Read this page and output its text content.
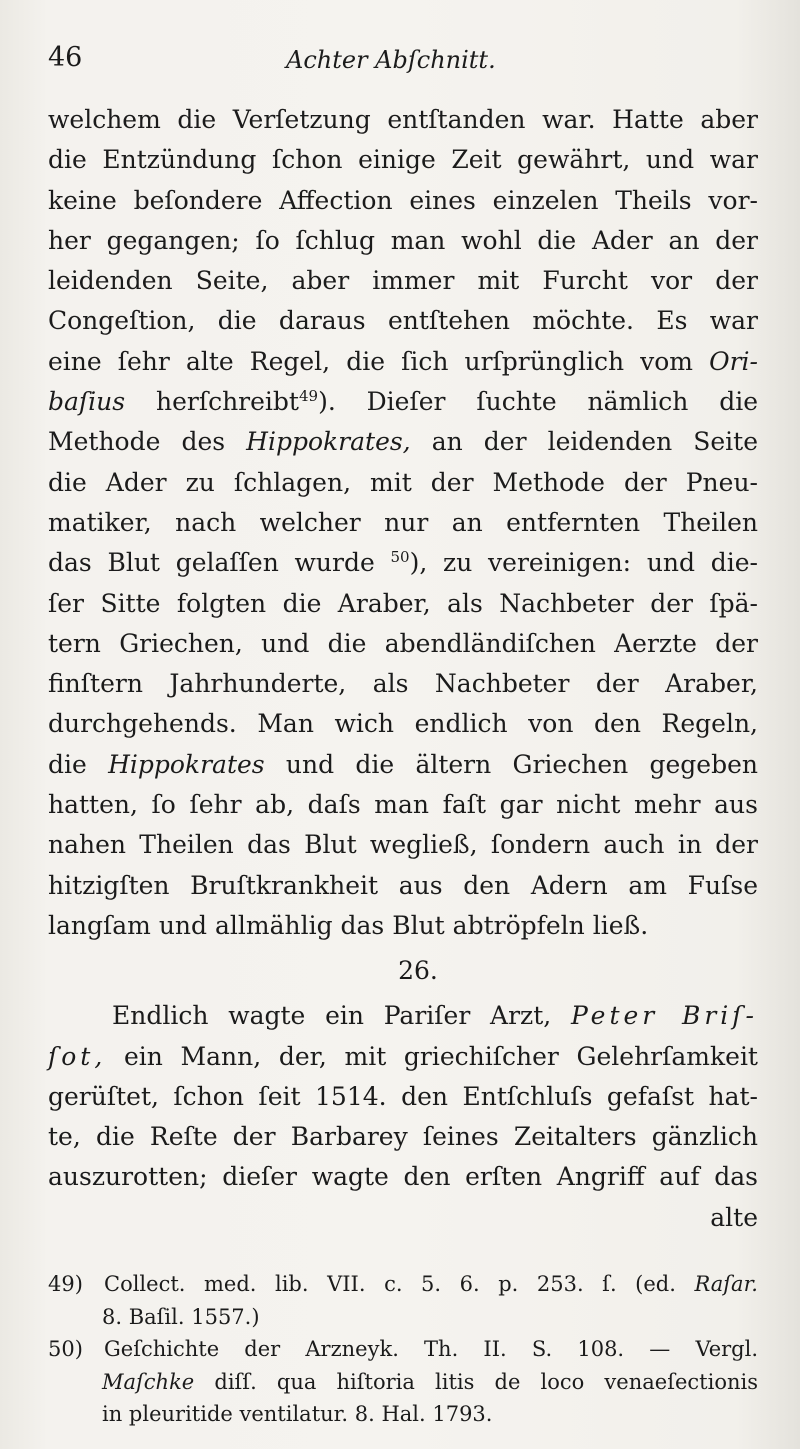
46	Achter Abſchnitt.
welchem die Verſetzung entſtanden war. Hatte aber
die Entzündung ſchon einige Zeit gewährt, und war
keine beſondere Affection eines einzelen Theils vor-
her gegangen; ſo ſchlug man wohl die Ader an der
leidenden Seite, aber immer mit Furcht vor der
Congeſtion, die daraus entſtehen möchte. Es war
eine ſehr alte Regel, die ſich urſprünglich vom Ori-
baſius herſchreibt$^{49}$). Dieſer ſuchte nämlich die
Methode des Hippokrates, an der leidenden Seite
die Ader zu ſchlagen, mit der Methode der Pneu-
matiker, nach welcher nur an entfernten Theilen
das Blut gelaſſen wurde $^{50}$), zu vereinigen: und die-
ſer Sitte folgten die Araber, als Nachbeter der ſpä-
tern Griechen, und die abendländiſchen Aerzte der
finſtern Jahrhunderte, als Nachbeter der Araber,
durchgehends. Man wich endlich von den Regeln,
die Hippokrates und die ältern Griechen gegeben
hatten, ſo ſehr ab, daſs man faſt gar nicht mehr aus
nahen Theilen das Blut wegließ, ſondern auch in der
hitzigſten Bruſtkrankheit aus den Adern am Fuſse
langſam und allmählig das Blut abtröpfeln ließ.
26.
Endlich wagte ein Pariſer Arzt, Peter Briſ-
ſot, ein Mann, der, mit griechiſcher Gelehrſamkeit
gerüſtet, ſchon ſeit 1514. den Entſchluſs gefaſst hat-
te, die Reſte der Barbarey ſeines Zeitalters gänzlich
auszurotten; dieſer wagte den erſten Angriff auf das
alte
49) Collect. med. lib. VII. c. 5. 6. p. 253. ſ. (ed. Raſar.
8. Baſil. 1557.)
50) Geſchichte der Arzneyk. Th. II. S. 108. — Vergl.
Maſchke diſſ. qua hiſtoria litis de loco venaeſectionis
in pleuritide ventilatur. 8. Hal. 1793.
